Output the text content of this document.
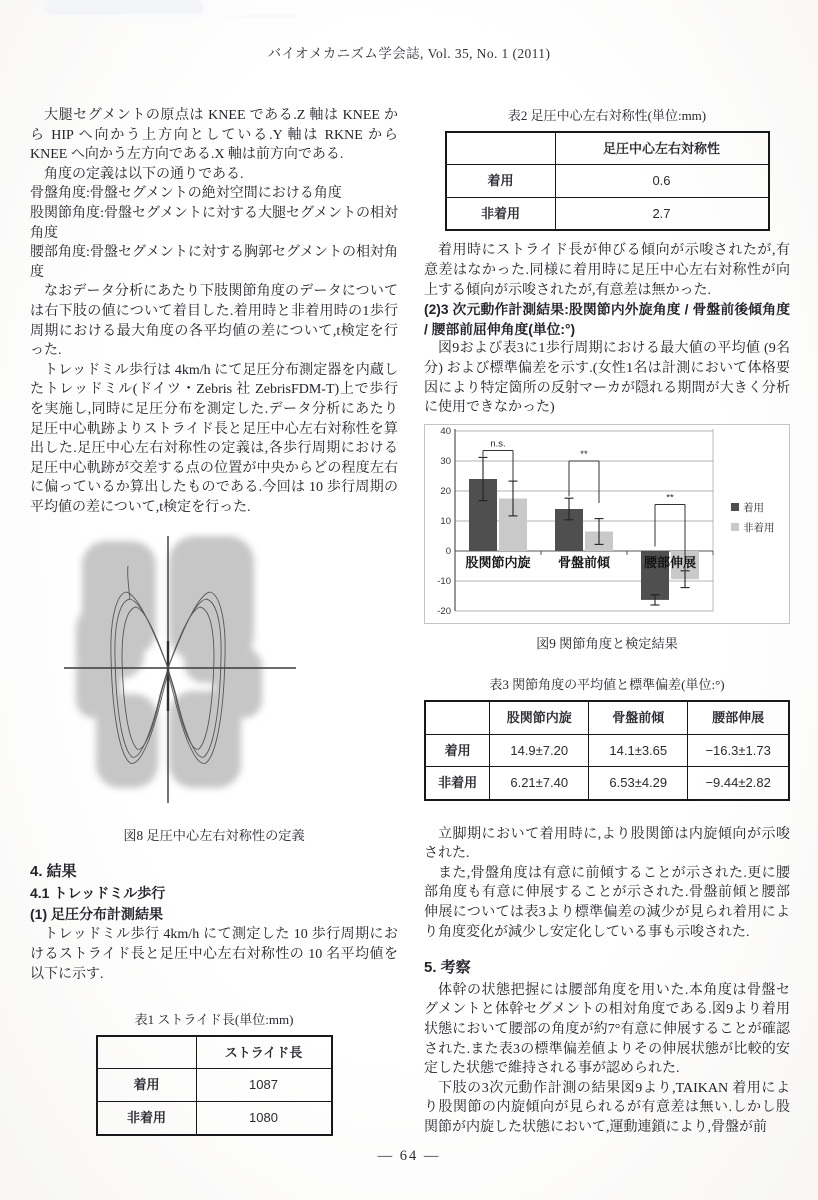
バイオメカニズム学会誌, Vol. 35, No. 1 (2011)

大腿セグメントの原点は KNEE である.Z 軸は KNEE から HIP へ向かう上方向としている.Y 軸は RKNE から KNEE へ向かう左方向である.X 軸は前方向である.

角度の定義は以下の通りである.

骨盤角度:骨盤セグメントの絶対空間における角度

股関節角度:骨盤セグメントに対する大腿セグメントの相対角度

腰部角度:骨盤セグメントに対する胸郭セグメントの相対角度

なおデータ分析にあたり下肢関節角度のデータについては右下肢の値について着目した.着用時と非着用時の1歩行周期における最大角度の各平均値の差について,t検定を行った.

トレッドミル歩行は 4km/h にて足圧分布測定器を内蔵したトレッドミル(ドイツ・Zebris 社 ZebrisFDM-T)上で歩行を実施し,同時に足圧分布を測定した.データ分析にあたり足圧中心軌跡よりストライド長と足圧中心左右対称性を算出した.足圧中心左右対称性の定義は,各歩行周期における足圧中心軌跡が交差する点の位置が中央からどの程度左右に偏っているか算出したものである.今回は 10 歩行周期の平均値の差について,t検定を行った.

図8 足圧中心左右対称性の定義
4. 結果
4.1 トレッドミル歩行
(1) 足圧分布計測結果

トレッドミル歩行 4km/h にて測定した 10 歩行周期におけるストライド長と足圧中心左右対称性の 10 名平均値を以下に示す.

表1 ストライド長(単位:mm)
	ストライド長
着用	1087
非着用	1080
表2 足圧中心左右対称性(単位:mm)
	足圧中心左右対称性
着用	0.6
非着用	2.7

着用時にストライド長が伸びる傾向が示唆されたが,有意差はなかった.同様に着用時に足圧中心左右対称性が向上する傾向が示唆されたが,有意差は無かった.

(2)3 次元動作計測結果:股関節内外旋角度 / 骨盤前後傾角度 / 腰部前屈伸角度(単位:°)

図9および表3に1歩行周期における最大値の平均値 (9名分) および標準偏差を示す.(女性1名は計測において体格要因により特定箇所の反射マーカが隠れる期間が大きく分析に使用できなかった)

-20
-10
0
10
20
30
40
n.s.
股関節内旋
**
骨盤前傾
**
腰部伸展
着用
非着用
図9 関節角度と検定結果
表3 関節角度の平均値と標準偏差(単位:°)
	股関節内旋	骨盤前傾	腰部伸展
着用	14.9±7.20	14.1±3.65	−16.3±1.73
非着用	6.21±7.40	6.53±4.29	−9.44±2.82

立脚期において着用時に,より股関節は内旋傾向が示唆された.

また,骨盤角度は有意に前傾することが示された.更に腰部角度も有意に伸展することが示された.骨盤前傾と腰部伸展については表3より標準偏差の減少が見られ着用により角度変化が減少し安定化している事も示唆された.

5. 考察

体幹の状態把握には腰部角度を用いた.本角度は骨盤セグメントと体幹セグメントの相対角度である.図9より着用状態において腰部の角度が約7°有意に伸展することが確認された.また表3の標準偏差値よりその伸展状態が比較的安定した状態で維持される事が認められた.

下肢の3次元動作計測の結果図9より,TAIKAN 着用により股関節の内旋傾向が見られるが有意差は無い.しかし股関節が内旋した状態において,運動連鎖により,骨盤が前

― 64 ―
